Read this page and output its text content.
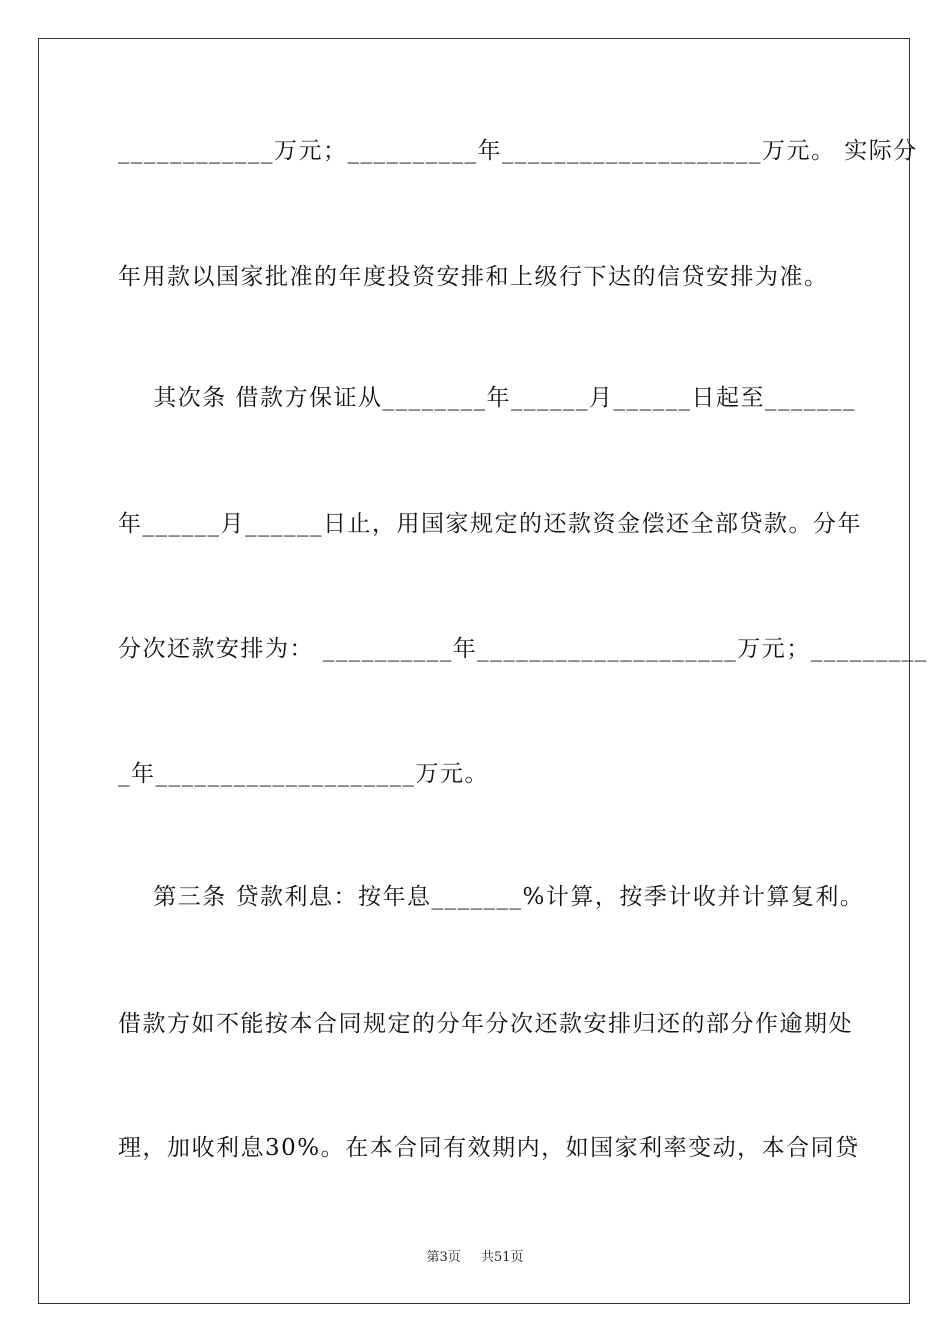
____________万元；__________年____________________万元。 实际分
年用款以国家批准的年度投资安排和上级行下达的信贷安排为准。
其次条 借款方保证从________年______月______日起至_______
年______月______日止，用国家规定的还款资金偿还全部贷款。分年
分次还款安排为： __________年____________________万元；_________
_年____________________万元。
第三条 贷款利息：按年息_______%计算，按季计收并计算复利。
借款方如不能按本合同规定的分年分次还款安排归还的部分作逾期处
理，加收利息30%。在本合同有效期内，如国家利率变动，本合同贷
第3页 共51页
